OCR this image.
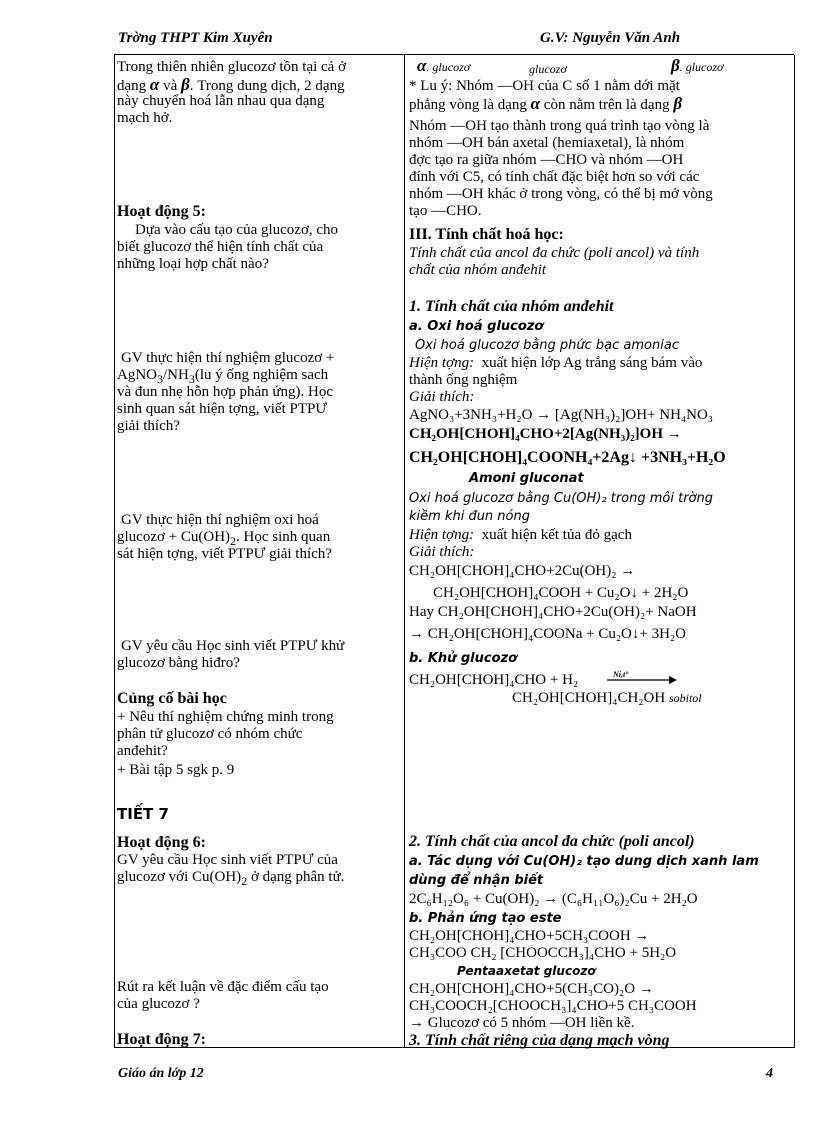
Trờng THPT Kim Xuyên	G.V: Nguyễn Văn Anh
Trong thiên nhiên glucozơ tồn tại cả ở
dạng α và β. Trong dung dịch, 2 dạng
này chuyển hoá lẫn nhau qua dạng
mạch hở.
Hoạt động 5:
Dựa vào cấu tạo của glucozơ, cho
biết glucozơ thể hiện tính chất của
những loại hợp chất nào?
GV thực hiện thí nghiệm glucozơ +
$AgNO_3/NH_3(lu$ ý ống nghiệm sach
và đun nhẹ hỗn hợp phản ứng). Học
sinh quan sát hiện tợng, viết PTPƯ
giải thích?
GV thực hiện thí nghiệm oxi hoá
glucozơ + $Cu(OH)_2$. Học sinh quan
sát hiện tợng, viết PTPƯ giải thích?
GV yêu cầu Học sinh viết PTPƯ khử
glucozơ bằng hiđro?
Củng cố bài học
+ Nêu thí nghiệm chứng minh trong
phân tử glucozơ có nhóm chức
anđehit?
+ Bài tập 5 sgk p. 9
TIẾT 7
Hoạt động 6:
GV yêu cầu Học sinh viết PTPƯ của
glucozơ với $Cu(OH)_2$ ở dạng phân tử.
Rút ra kết luận về đặc điểm cấu tạo
của glucozơ ?
Hoạt động 7:
α. glucozơ	glucozơ	β. glucozơ
* Lu ý: Nhóm —OH của C số 1 nằm dới mặt
phẳng vòng là dạng α còn nằm trên là dạng β
Nhóm —OH tạo thành trong quá trình tạo vòng là
nhóm —OH bán axetal (hemiaxetal), là nhóm
đợc tạo ra giữa nhóm —CHO và nhóm —OH
đính với C5, có tính chất đặc biệt hơn so với các
nhóm —OH khác ở trong vòng, có thể bị mở vòng
tạo —CHO.
III. Tính chất hoá học:
Tính chất của ancol đa chức (poli ancol) và tính
chất của nhóm anđehit
1. Tính chất của nhóm anđehit
a. Oxi hoá glucozơ
Oxi hoá glucozơ bằng phức bạc amoniac
Hiện tợng: xuất hiện lớp Ag trắng sáng bám vào
thành ống nghiệm
Giải thích:
AgNO₃+3NH₃+H₂O → [Ag(NH₃)₂]OH+ NH₄NO₃
CH₂OH[CHOH]₄CHO+2[Ag(NH₃)₂]OH →
CH₂OH[CHOH]₄COONH₄+2Ag↓ +3NH₃+H₂O
Amoni gluconat
Oxi hoá glucozơ bằng Cu(OH)₂ trong môi trờng
kiềm khi đun nóng
Hiện tợng: xuất hiện kết tủa đỏ gạch
Giải thích:
CH₂OH[CHOH]₄CHO+2Cu(OH)₂ →
CH₂OH[CHOH]₄COOH + Cu₂O↓ + 2H₂O
Hay CH₂OH[CHOH]₄CHO+2Cu(OH)₂+ NaOH
→ CH₂OH[CHOH]₄COONa + Cu₂O↓+ 3H₂O
b. Khử glucozơ
CH₂OH[CHOH]₄CHO + H₂	Ni,t°
CH₂OH[CHOH]₄CH₂OH sobitol
2. Tính chất của ancol đa chức (poli ancol)
a. Tác dụng với Cu(OH)₂ tạo dung dịch xanh lam
dùng để nhận biết
2C₆H₁₂O₆ + Cu(OH)₂ → (C₆H₁₁O₆)₂Cu + 2H₂O
b. Phản ứng tạo este
CH₂OH[CHOH]₄CHO+5CH₃COOH →
CH₃COO CH₂ [CHOOCCH₃]₄CHO + 5H₂O
Pentaaxetat glucozơ
CH₂OH[CHOH]₄CHO+5(CH₃CO)₂O →
CH₃COOCH₂[CHOOCH₃]₄CHO+5 CH₃COOH
→ Glucozơ có 5 nhóm —OH liền kề.
3. Tính chất riêng của dạng mạch vòng
Giáo án lớp 12	4
